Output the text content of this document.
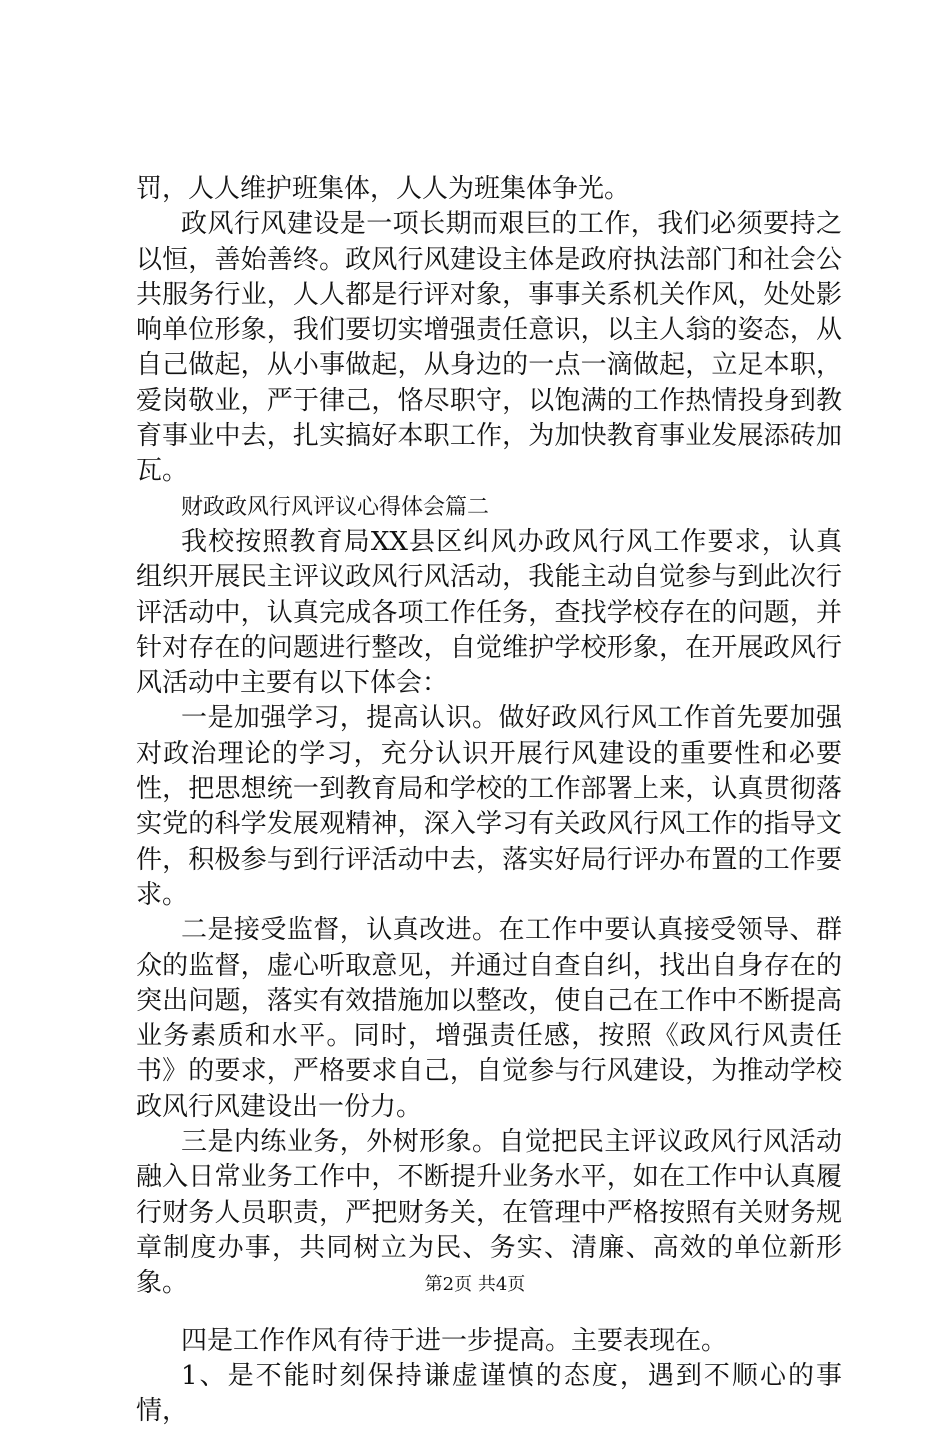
罚，人人维护班集体，人人为班集体争光。

政风行风建设是一项长期而艰巨的工作，我们必须要持之以恒，善始善终。政风行风建设主体是政府执法部门和社会公共服务行业，人人都是行评对象，事事关系机关作风，处处影响单位形象，我们要切实增强责任意识，以主人翁的姿态，从自己做起，从小事做起，从身边的一点一滴做起，立足本职，爱岗敬业，严于律己，恪尽职守，以饱满的工作热情投身到教育事业中去，扎实搞好本职工作，为加快教育事业发展添砖加瓦。

财政政风行风评议心得体会篇二

我校按照教育局XX县区纠风办政风行风工作要求，认真组织开展民主评议政风行风活动，我能主动自觉参与到此次行评活动中，认真完成各项工作任务，查找学校存在的问题，并针对存在的问题进行整改，自觉维护学校形象，在开展政风行风活动中主要有以下体会：

一是加强学习，提高认识。做好政风行风工作首先要加强对政治理论的学习，充分认识开展行风建设的重要性和必要性，把思想统一到教育局和学校的工作部署上来，认真贯彻落实党的科学发展观精神，深入学习有关政风行风工作的指导文件，积极参与到行评活动中去，落实好局行评办布置的工作要求。

二是接受监督，认真改进。在工作中要认真接受领导、群众的监督，虚心听取意见，并通过自查自纠，找出自身存在的突出问题，落实有效措施加以整改，使自己在工作中不断提高业务素质和水平。同时，增强责任感，按照《政风行风责任书》的要求，严格要求自己，自觉参与行风建设，为推动学校政风行风建设出一份力。

三是内练业务，外树形象。自觉把民主评议政风行风活动融入日常业务工作中，不断提升业务水平，如在工作中认真履行财务人员职责，严把财务关，在管理中严格按照有关财务规章制度办事，共同树立为民、务实、清廉、高效的单位新形象。

四是工作作风有待于进一步提高。主要表现在。

1、是不能时刻保持谦虚谨慎的态度，遇到不顺心的事情，

第2页 共4页
